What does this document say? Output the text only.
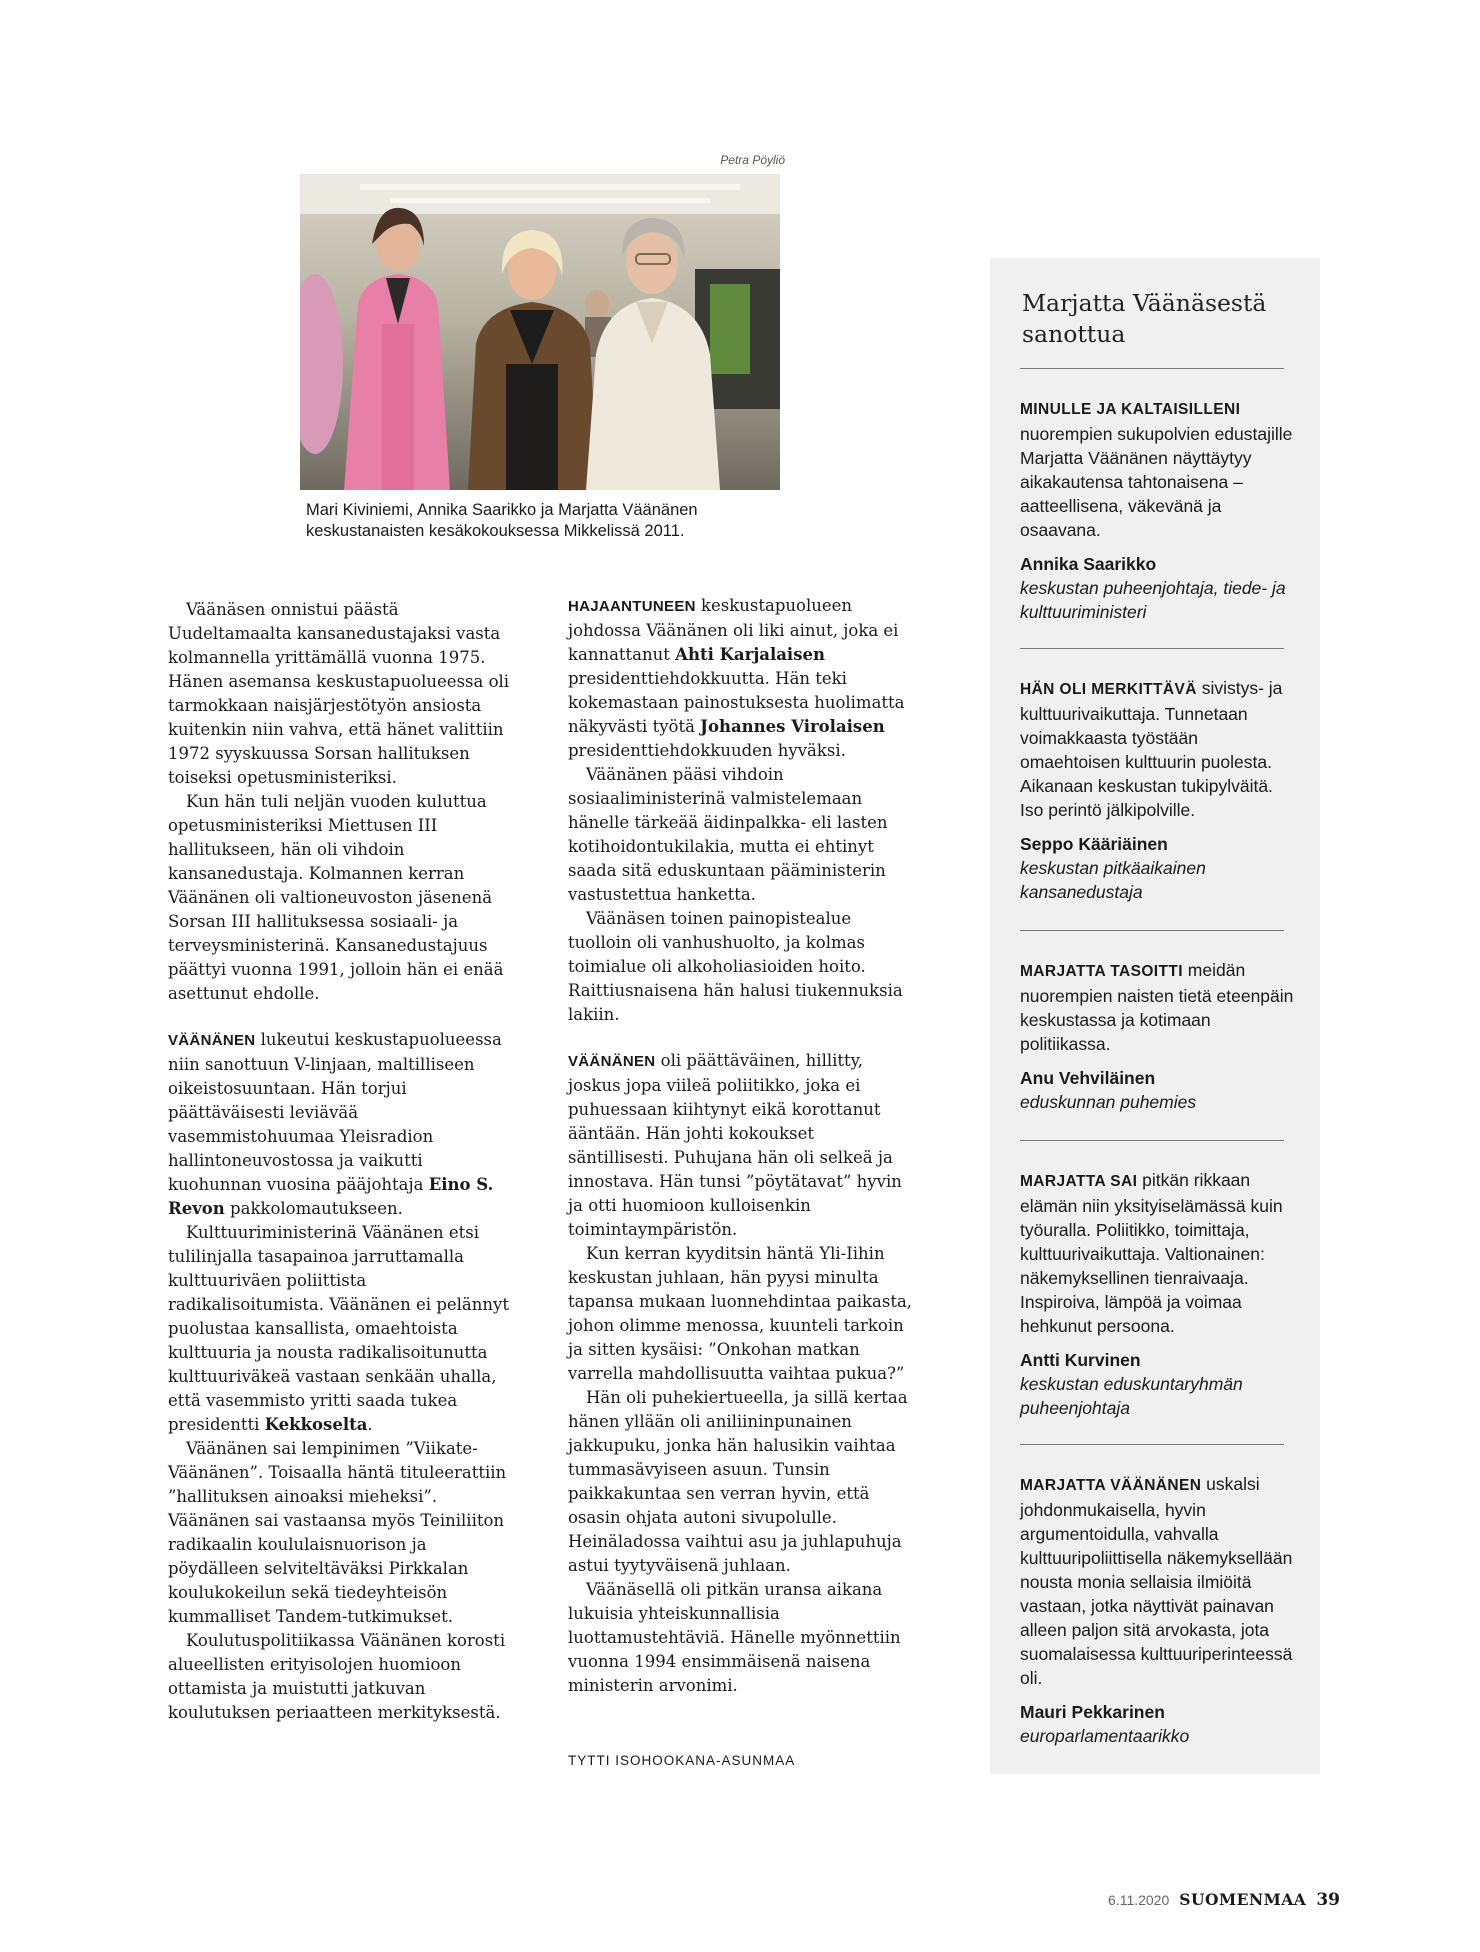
Petra Pöyliö
Mari Kiviniemi, Annika Saarikko ja Marjatta Väänänen
keskustanaisten kesäkokouksessa Mikkelissä 2011.

Väänäsen onnistui päästä Uudeltamaalta kansanedustajaksi vasta kolmannella yrittämällä vuonna 1975. Hänen asemansa keskustapuolueessa oli tarmokkaan naisjärjestötyön ansiosta kuitenkin niin vahva, että hänet valittiin 1972 syyskuussa Sorsan hallituksen toiseksi opetusministeriksi.

Kun hän tuli neljän vuoden kuluttua opetusministeriksi Miettusen III hallitukseen, hän oli vihdoin kansanedustaja. Kolmannen kerran Väänänen oli valtioneuvoston jäsenenä Sorsan III hallituksessa sosiaali- ja terveysministerinä. Kansanedustajuus päättyi vuonna 1991, jolloin hän ei enää asettunut ehdolle.

VÄÄNÄNEN lukeutui keskustapuolueessa niin sanottuun V-linjaan, maltilliseen oikeistosuuntaan. Hän torjui päättäväisesti leviävää vasemmistohuumaa Yleisradion hallintoneuvostossa ja vaikutti kuohunnan vuosina pääjohtaja Eino S. Revon pakkolomautukseen.

Kulttuuriministerinä Väänänen etsi tulilinjalla tasapainoa jarruttamalla kulttuuriväen poliittista radikalisoitumista. Väänänen ei pelännyt puolustaa kansallista, omaehtoista kulttuuria ja nousta radikalisoitunutta kulttuuriväkeä vastaan senkään uhalla, että vasemmisto yritti saada tukea presidentti Kekkoselta.

Väänänen sai lempinimen ”Viikate-Väänänen”. Toisaalla häntä tituleerattiin ”hallituksen ainoaksi mieheksi”. Väänänen sai vastaansa myös Teiniliiton radikaalin koululaisnuorison ja pöydälleen selviteltäväksi Pirkkalan koulukokeilun sekä tiedeyhteisön kummalliset Tandem-tutkimukset.

Koulutuspolitiikassa Väänänen korosti alueellisten erityisolojen huomioon ottamista ja muistutti jatkuvan koulutuksen periaatteen merkityksestä.

HAJAANTUNEEN keskustapuolueen johdossa Väänänen oli liki ainut, joka ei kannattanut Ahti Karjalaisen presidenttiehdokkuutta. Hän teki kokemastaan painostuksesta huolimatta näkyvästi työtä Johannes Virolaisen presidenttiehdokkuuden hyväksi.

Väänänen pääsi vihdoin sosiaaliministerinä valmistelemaan hänelle tärkeää äidinpalkka- eli lasten kotihoidontukilakia, mutta ei ehtinyt saada sitä eduskuntaan pääministerin vastustettua hanketta.

Väänäsen toinen painopistealue tuolloin oli vanhushuolto, ja kolmas toimialue oli alkoholiasioiden hoito. Raittiusnaisena hän halusi tiukennuksia lakiin.

VÄÄNÄNEN oli päättäväinen, hillitty, joskus jopa viileä poliitikko, joka ei puhuessaan kiihtynyt eikä korottanut ääntään. Hän johti kokoukset säntillisesti. Puhujana hän oli selkeä ja innostava. Hän tunsi ”pöytätavat” hyvin ja otti huomioon kulloisenkin toimintaympäristön.

Kun kerran kyyditsin häntä Yli-Iihin keskustan juhlaan, hän pyysi minulta tapansa mukaan luonnehdintaa paikasta, johon olimme menossa, kuunteli tarkoin ja sitten kysäisi: ”Onkohan matkan varrella mahdollisuutta vaihtaa pukua?”

Hän oli puhekiertueella, ja sillä kertaa hänen yllään oli aniliininpunainen jakkupuku, jonka hän halusikin vaihtaa tummasävyiseen asuun. Tunsin paikkakuntaa sen verran hyvin, että osasin ohjata autoni sivupolulle. Heinäladossa vaihtui asu ja juhlapuhuja astui tyytyväisenä juhlaan.

Väänäsellä oli pitkän uransa aikana lukuisia yhteiskunnallisia luottamustehtäviä. Hänelle myönnettiin vuonna 1994 ensimmäisenä naisena ministerin arvonimi.

TYTTI ISOHOOKANA-ASUNMAA
Marjatta Väänäsestä sanottua
MINULLE JA KALTAISILLENI nuorempien sukupolvien edustajille Marjatta Väänänen näyttäytyy aikakautensa tahtonaisena – aatteellisena, väkevänä ja osaavana.
Annika Saarikko
keskustan puheenjohtaja, tiede- ja kulttuuriministeri
HÄN OLI MERKITTÄVÄ sivistys- ja kulttuurivaikuttaja. Tunnetaan voimakkaasta työstään omaehtoisen kulttuurin puolesta. Aikanaan keskustan tukipylväitä. Iso perintö jälkipolville.
Seppo Kääriäinen
keskustan pitkäaikainen kansanedustaja
MARJATTA TASOITTI meidän nuorempien naisten tietä eteenpäin keskustassa ja kotimaan politiikassa.
Anu Vehviläinen
eduskunnan puhemies
MARJATTA SAI pitkän rikkaan elämän niin yksityiselämässä kuin työuralla. Poliitikko, toimittaja, kulttuurivaikuttaja. Valtionainen: näkemyksellinen tienraivaaja. Inspiroiva, lämpöä ja voimaa hehkunut persoona.
Antti Kurvinen
keskustan eduskuntaryhmän puheenjohtaja
MARJATTA VÄÄNÄNEN uskalsi johdonmukaisella, hyvin argumentoidulla, vahvalla kulttuuripoliittisella näkemyksellään nousta monia sellaisia ilmiöitä vastaan, jotka näyttivät painavan alleen paljon sitä arvokasta, jota suomalaisessa kulttuuriperinteessä oli.
Mauri Pekkarinen
europarlamentaarikko
6.11.2020 SUOMENMAA 39
